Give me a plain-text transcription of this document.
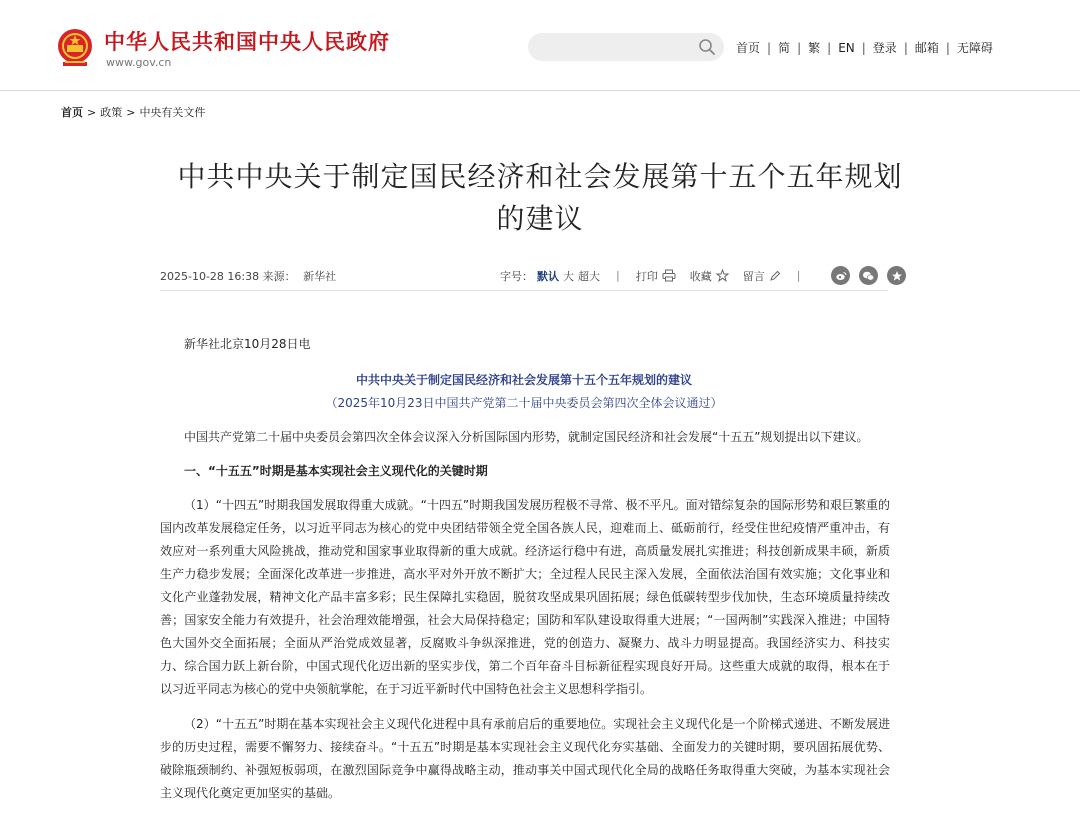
中华人民共和国中央人民政府
www.gov.cn
首页 | 简 | 繁 | EN | 登录 | 邮箱 | 无障碍
首页 > 政策 > 中央有关文件
中共中央关于制定国民经济和社会发展第十五个五年规划
的建议
2025-10-28 16:38 来源： 新华社	字号： 默认 大 超大 | 打印	收藏	留言	|
新华社北京10月28日电
中共中央关于制定国民经济和社会发展第十五个五年规划的建议
（2025年10月23日中国共产党第二十届中央委员会第四次全体会议通过）

中国共产党第二十届中央委员会第四次全体会议深入分析国际国内形势，就制定国民经济和社会发展“十五五”规划提出以下建议。

一、“十五五”时期是基本实现社会主义现代化的关键时期

（1）“十四五”时期我国发展取得重大成就。“十四五”时期我国发展历程极不寻常、极不平凡。面对错综复杂的国际形势和艰巨繁重的国内改革发展稳定任务，以习近平同志为核心的党中央团结带领全党全国各族人民，迎难而上、砥砺前行，经受住世纪疫情严重冲击，有效应对一系列重大风险挑战，推动党和国家事业取得新的重大成就。经济运行稳中有进，高质量发展扎实推进；科技创新成果丰硕，新质生产力稳步发展；全面深化改革进一步推进，高水平对外开放不断扩大；全过程人民民主深入发展，全面依法治国有效实施；文化事业和文化产业蓬勃发展，精神文化产品丰富多彩；民生保障扎实稳固，脱贫攻坚成果巩固拓展；绿色低碳转型步伐加快，生态环境质量持续改善；国家安全能力有效提升，社会治理效能增强，社会大局保持稳定；国防和军队建设取得重大进展；“一国两制”实践深入推进；中国特色大国外交全面拓展；全面从严治党成效显著，反腐败斗争纵深推进，党的创造力、凝聚力、战斗力明显提高。我国经济实力、科技实力、综合国力跃上新台阶，中国式现代化迈出新的坚实步伐，第二个百年奋斗目标新征程实现良好开局。这些重大成就的取得，根本在于以习近平同志为核心的党中央领航掌舵，在于习近平新时代中国特色社会主义思想科学指引。

（2）“十五五”时期在基本实现社会主义现代化进程中具有承前启后的重要地位。实现社会主义现代化是一个阶梯式递进、不断发展进步的历史过程，需要不懈努力、接续奋斗。“十五五”时期是基本实现社会主义现代化夯实基础、全面发力的关键时期，要巩固拓展优势、破除瓶颈制约、补强短板弱项，在激烈国际竞争中赢得战略主动，推动事关中国式现代化全局的战略任务取得重大突破，为基本实现社会主义现代化奠定更加坚实的基础。
